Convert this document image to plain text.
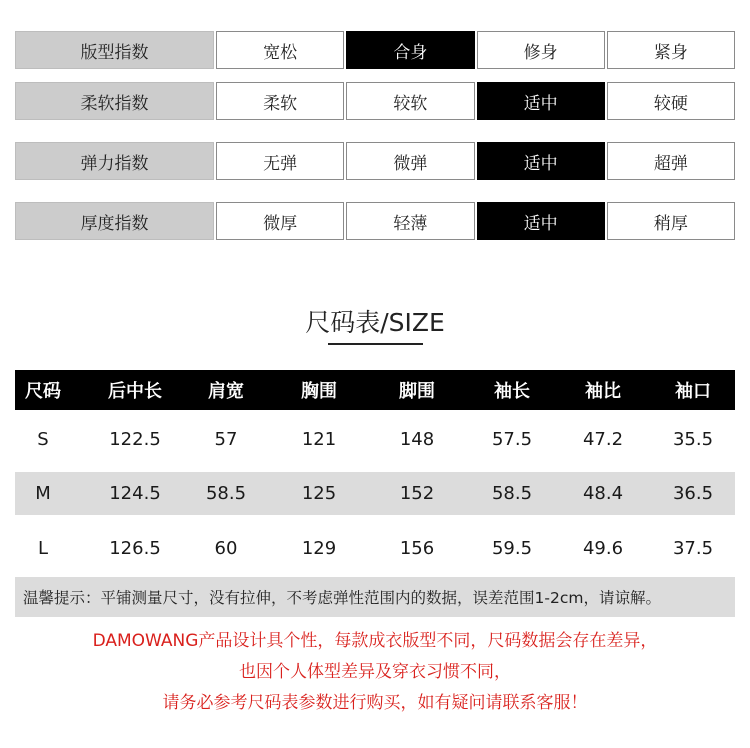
版型指数	宽松	合身	修身	紧身
柔软指数	柔软	较软	适中	较硬
弹力指数	无弹	微弹	适中	超弹
厚度指数	微厚	轻薄	适中	稍厚
尺码表/SIZE
尺码	后中长	肩宽	胸围	脚围	袖长	袖比	袖口
S	122.5	57	121	148	57.5	47.2	35.5
M	124.5	58.5	125	152	58.5	48.4	36.5
L	126.5	60	129	156	59.5	49.6	37.5
温馨提示：平铺测量尺寸，没有拉伸，不考虑弹性范围内的数据，误差范围1-2cm，请谅解。
DAMOWANG产品设计具个性，每款成衣版型不同，尺码数据会存在差异，
也因个人体型差异及穿衣习惯不同，
请务必参考尺码表参数进行购买，如有疑问请联系客服！
